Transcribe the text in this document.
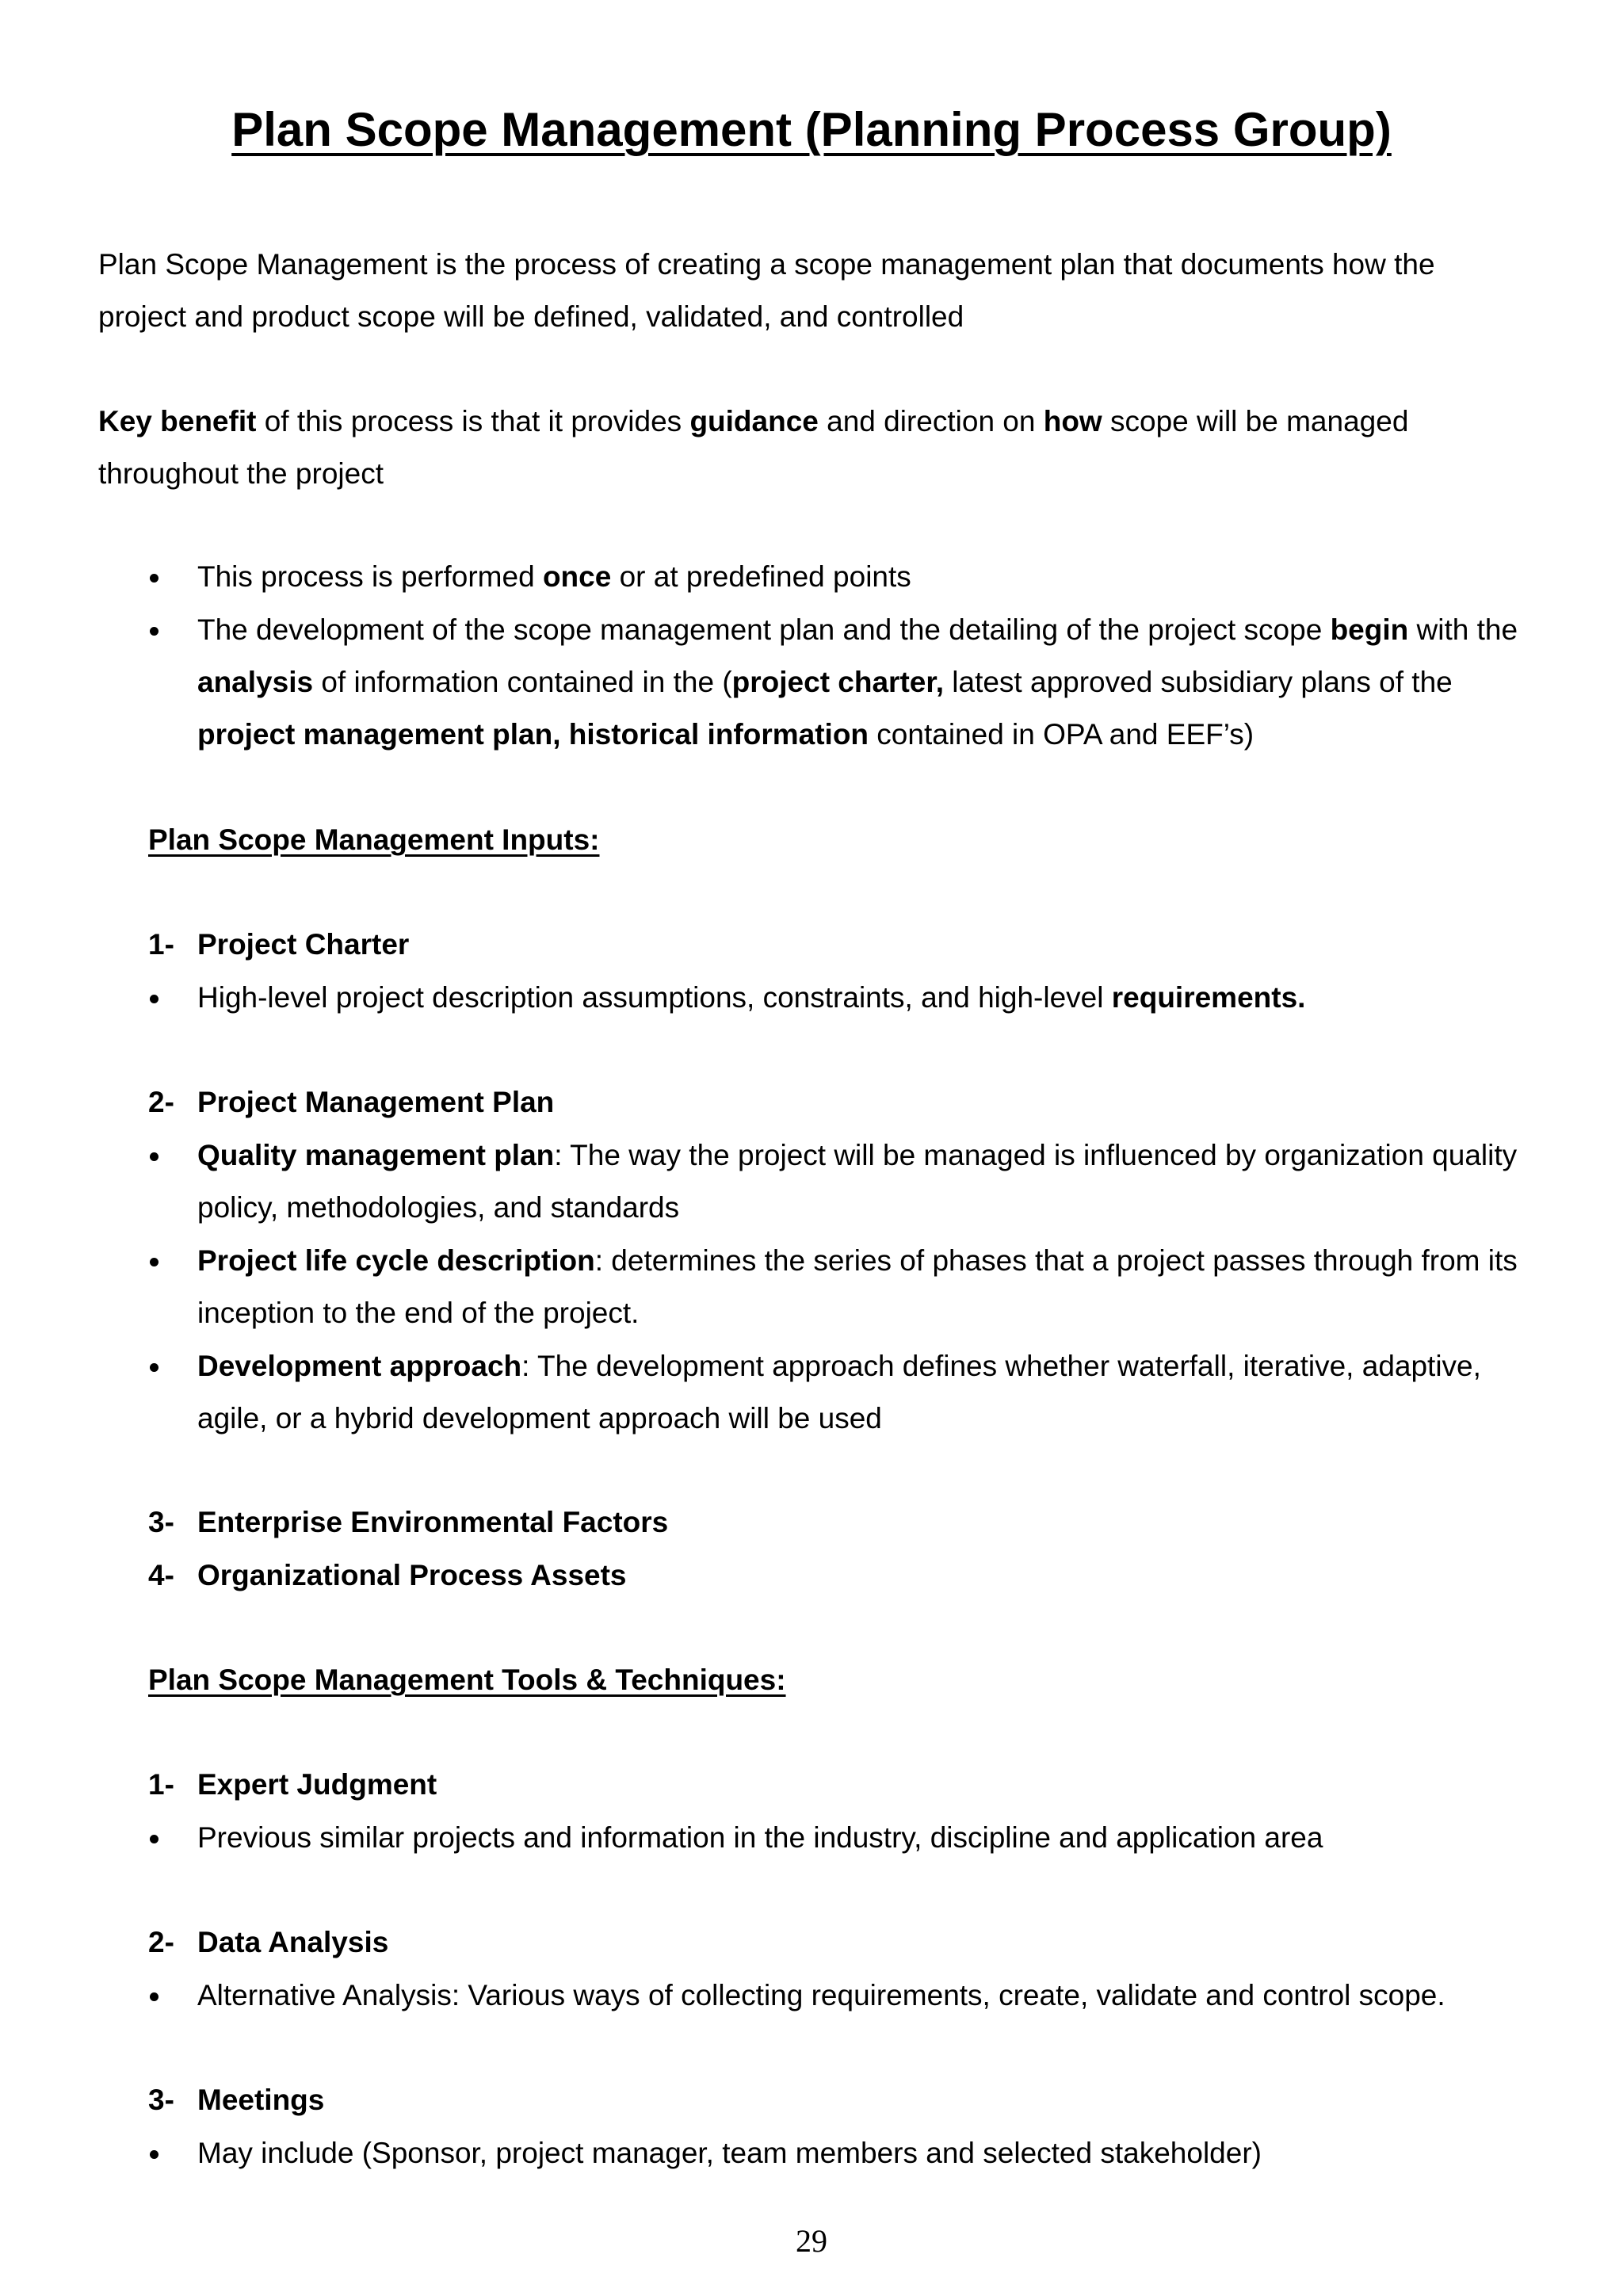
Plan Scope Management (Planning Process Group)
Plan Scope Management is the process of creating a scope management plan that documents how the project and product scope will be defined, validated, and controlled
Key benefit of this process is that it provides guidance and direction on how scope will be managed throughout the project
This process is performed once or at predefined points
The development of the scope management plan and the detailing of the project scope begin with the analysis of information contained in the (project charter, latest approved subsidiary plans of the project management plan, historical information contained in OPA and EEF’s)
Plan Scope Management Inputs:
1- Project Charter
High-level project description assumptions, constraints, and high-level requirements.
2- Project Management Plan
Quality management plan: The way the project will be managed is influenced by organization quality policy, methodologies, and standards
Project life cycle description: determines the series of phases that a project passes through from its inception to the end of the project.
Development approach: The development approach defines whether waterfall, iterative, adaptive, agile, or a hybrid development approach will be used
3- Enterprise Environmental Factors
4- Organizational Process Assets
Plan Scope Management Tools & Techniques:
1- Expert Judgment
Previous similar projects and information in the industry, discipline and application area
2- Data Analysis
Alternative Analysis: Various ways of collecting requirements, create, validate and control scope.
3- Meetings
May include (Sponsor, project manager, team members and selected stakeholder)
29
